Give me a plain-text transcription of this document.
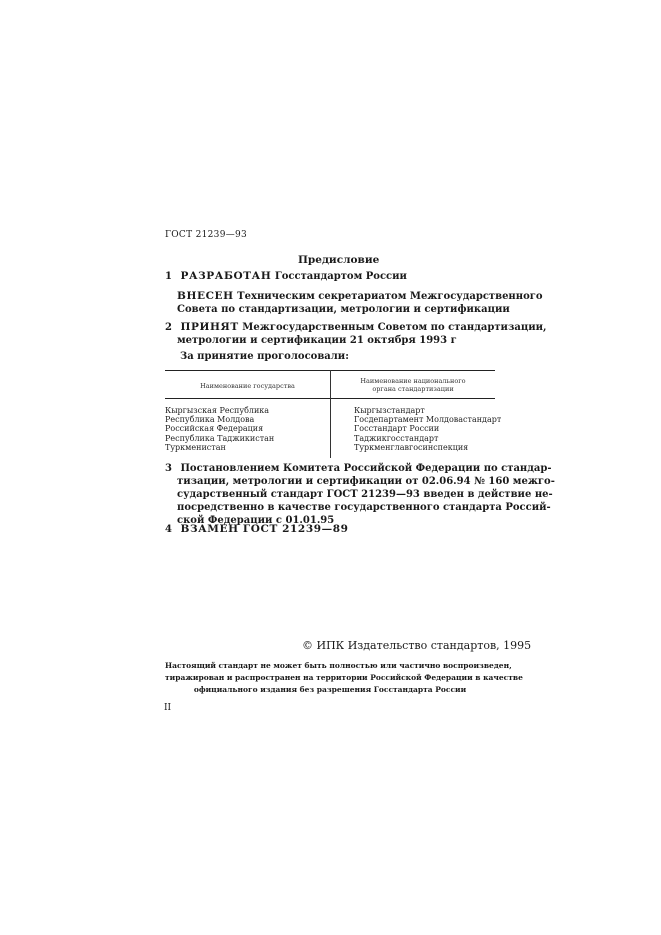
ГОСТ 21239—93
Предисловие
1 РАЗРАБОТАН Госстандартом России
ВНЕСЕН Техническим секретариатом Межгосударственного
Совета по стандартизации, метрологии и сертификации
2 ПРИНЯТ Межгосударственным Советом по стандартизации,
метрологии и сертификации 21 октября 1993 г
За принятие проголосовали:
Наименование государства
Наименование национального
органа стандартизации
Кыргызская Республика
Республика Молдова
Российская Федерация
Республика Таджикистан
Туркменистан
Кыргызстандарт
Госдепартамент Молдовастандарт
Госстандарт России
Таджикгосстандарт
Туркменглавгосинспекция
3 Постановлением Комитета Российской Федерации по стандар-
тизации, метрологии и сертификации от 02.06.94 № 160 межго-
сударственный стандарт ГОСТ 21239—93 введен в действие не-
посредственно в качестве государственного стандарта Россий-
ской Федерации с 01.01.95
4 ВЗАМЕН ГОСТ 21239—89
© ИПК Издательство стандартов, 1995
Настоящий стандарт не может быть полностью или частично воспроизведен,
тиражирован и распространен на территории Российской Федерации в качестве
официального издания без разрешения Госстандарта России
II
